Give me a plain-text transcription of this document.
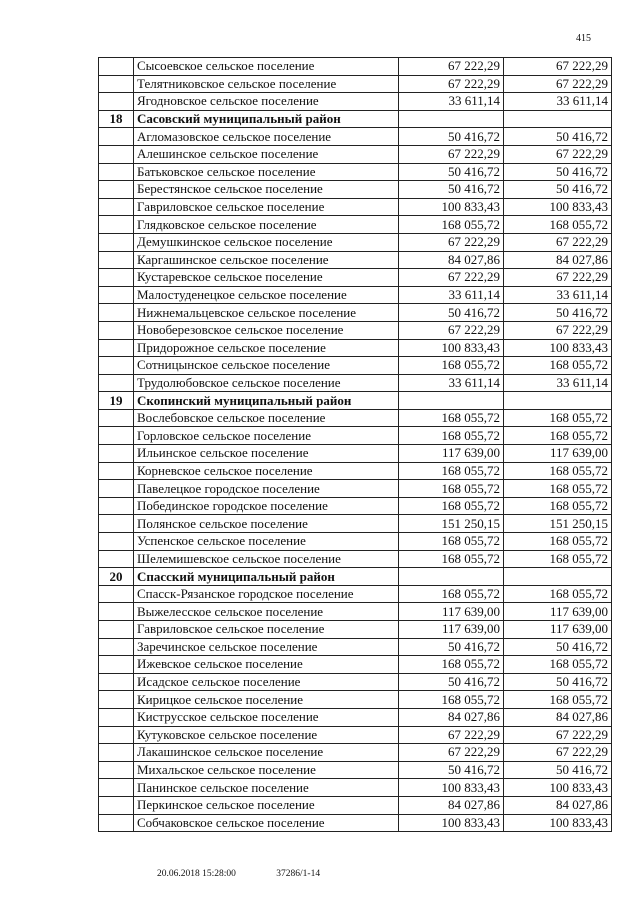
415
	Сысоевское сельское поселение	67 222,29	67 222,29
	Телятниковское сельское поселение	67 222,29	67 222,29
	Ягодновское сельское поселение	33 611,14	33 611,14
18	Сасовский муниципальный район		
	Агломазовское сельское поселение	50 416,72	50 416,72
	Алешинское сельское поселение	67 222,29	67 222,29
	Батьковское сельское поселение	50 416,72	50 416,72
	Берестянское сельское поселение	50 416,72	50 416,72
	Гавриловское сельское поселение	100 833,43	100 833,43
	Глядковское сельское поселение	168 055,72	168 055,72
	Демушкинское сельское поселение	67 222,29	67 222,29
	Каргашинское сельское поселение	84 027,86	84 027,86
	Кустаревское сельское поселение	67 222,29	67 222,29
	Малостуденецкое сельское поселение	33 611,14	33 611,14
	Нижнемальцевское сельское поселение	50 416,72	50 416,72
	Новоберезовское сельское поселение	67 222,29	67 222,29
	Придорожное сельское поселение	100 833,43	100 833,43
	Сотницынское сельское поселение	168 055,72	168 055,72
	Трудолюбовское сельское поселение	33 611,14	33 611,14
19	Скопинский муниципальный район		
	Вослебовское сельское поселение	168 055,72	168 055,72
	Горловское сельское поселение	168 055,72	168 055,72
	Ильинское сельское поселение	117 639,00	117 639,00
	Корневское сельское поселение	168 055,72	168 055,72
	Павелецкое городское поселение	168 055,72	168 055,72
	Побединское городское поселение	168 055,72	168 055,72
	Полянское сельское поселение	151 250,15	151 250,15
	Успенское сельское поселение	168 055,72	168 055,72
	Шелемишевское сельское поселение	168 055,72	168 055,72
20	Спасский муниципальный район		
	Спасск-Рязанское городское поселение	168 055,72	168 055,72
	Выжелесское сельское поселение	117 639,00	117 639,00
	Гавриловское сельское поселение	117 639,00	117 639,00
	Заречинское сельское поселение	50 416,72	50 416,72
	Ижевское сельское поселение	168 055,72	168 055,72
	Исадское сельское поселение	50 416,72	50 416,72
	Кирицкое сельское поселение	168 055,72	168 055,72
	Киструсское сельское поселение	84 027,86	84 027,86
	Кутуковское сельское поселение	67 222,29	67 222,29
	Лакашинское сельское поселение	67 222,29	67 222,29
	Михальское сельское поселение	50 416,72	50 416,72
	Панинское сельское поселение	100 833,43	100 833,43
	Перкинское сельское поселение	84 027,86	84 027,86
	Собчаковское сельское поселение	100 833,43	100 833,43
20.06.2018 15:28:00	37286/1-14
